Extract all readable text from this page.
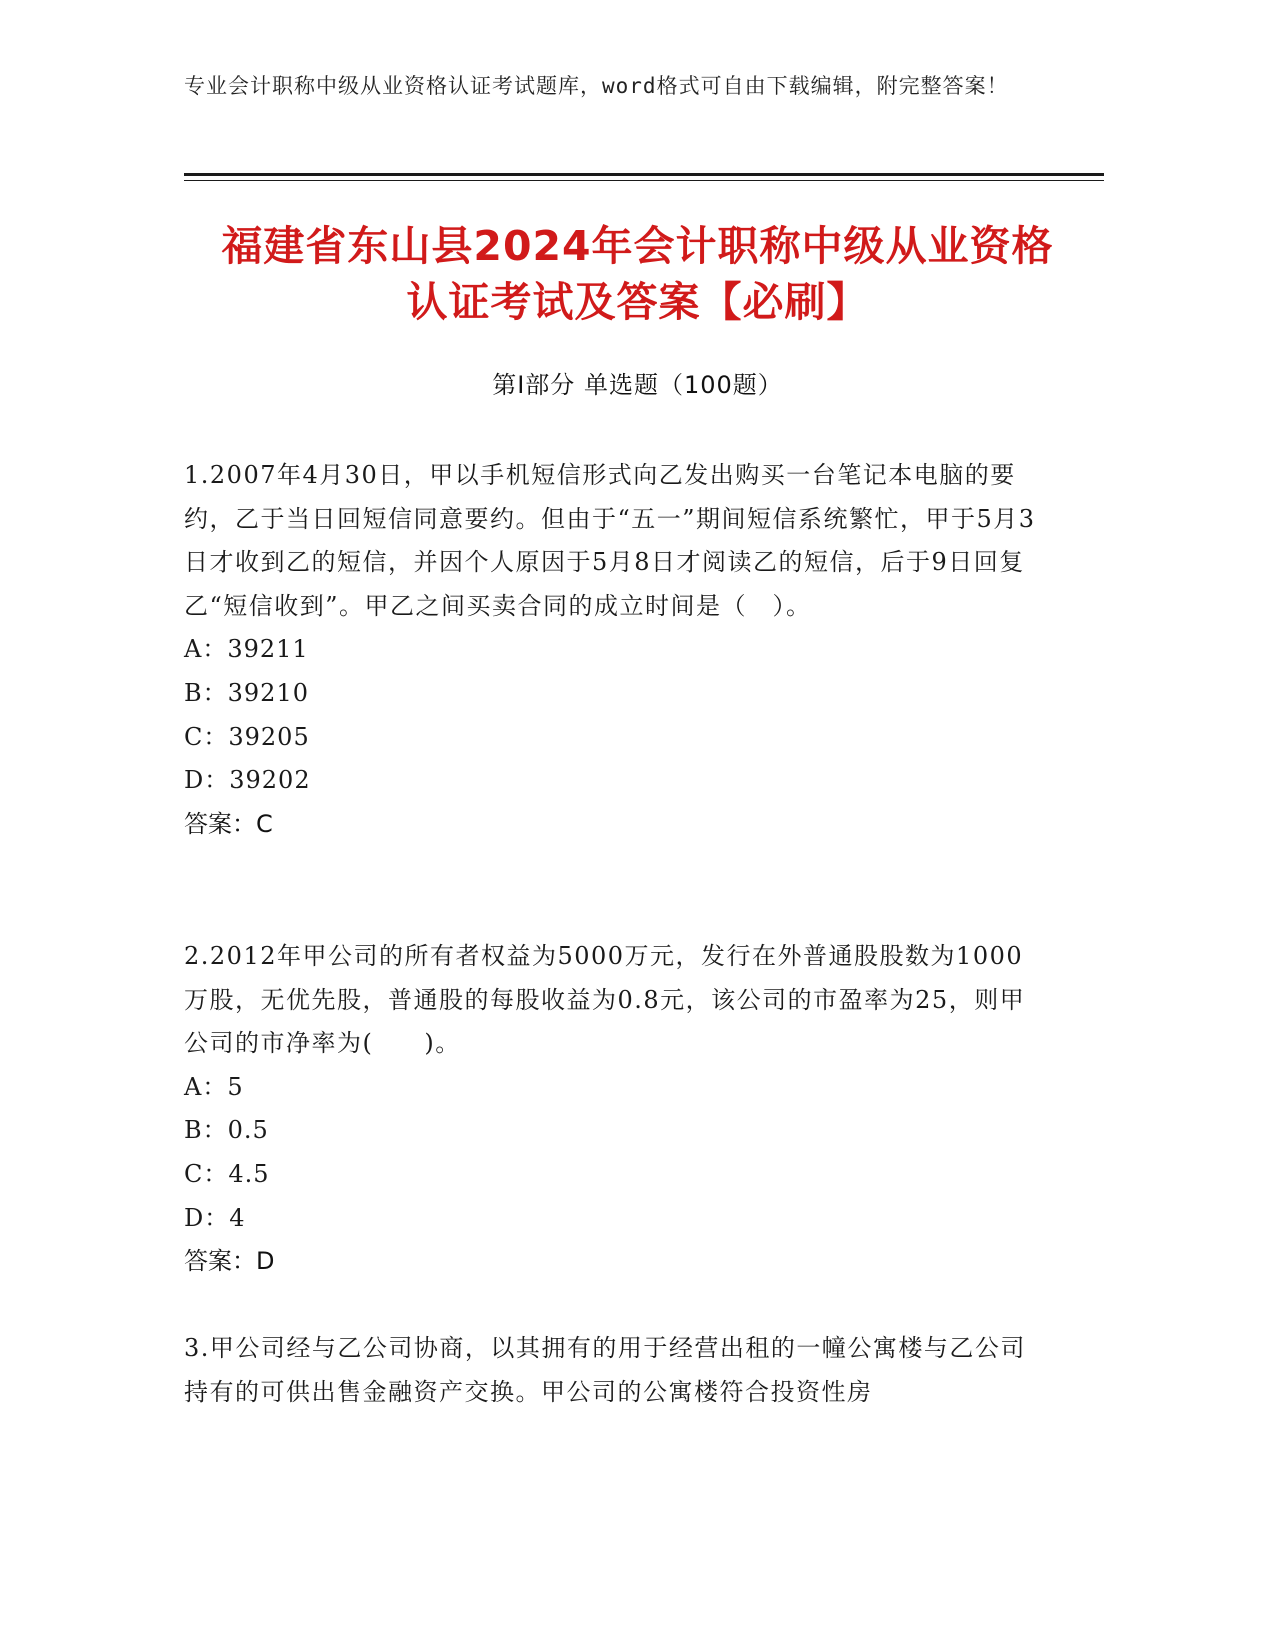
专业会计职称中级从业资格认证考试题库，word格式可自由下载编辑，附完整答案！
福建省东山县2024年会计职称中级从业资格
认证考试及答案【必刷】
第Ⅰ部分 单选题（100题）

1.2007年4月30日，甲以手机短信形式向乙发出购买一台笔记本电脑的要约，乙于当日回短信同意要约。但由于“五一”期间短信系统繁忙，甲于5月3日才收到乙的短信，并因个人原因于5月8日才阅读乙的短信，后于9日回复乙“短信收到”。甲乙之间买卖合同的成立时间是（　）。

A：39211

B：39210

C：39205

D：39202

答案：C

2.2012年甲公司的所有者权益为5000万元，发行在外普通股股数为1000万股，无优先股，普通股的每股收益为0.8元，该公司的市盈率为25，则甲公司的市净率为(　　)。

A：5

B：0.5

C：4.5

D：4

答案：D

3.甲公司经与乙公司协商，以其拥有的用于经营出租的一幢公寓楼与乙公司持有的可供出售金融资产交换。甲公司的公寓楼符合投资性房
